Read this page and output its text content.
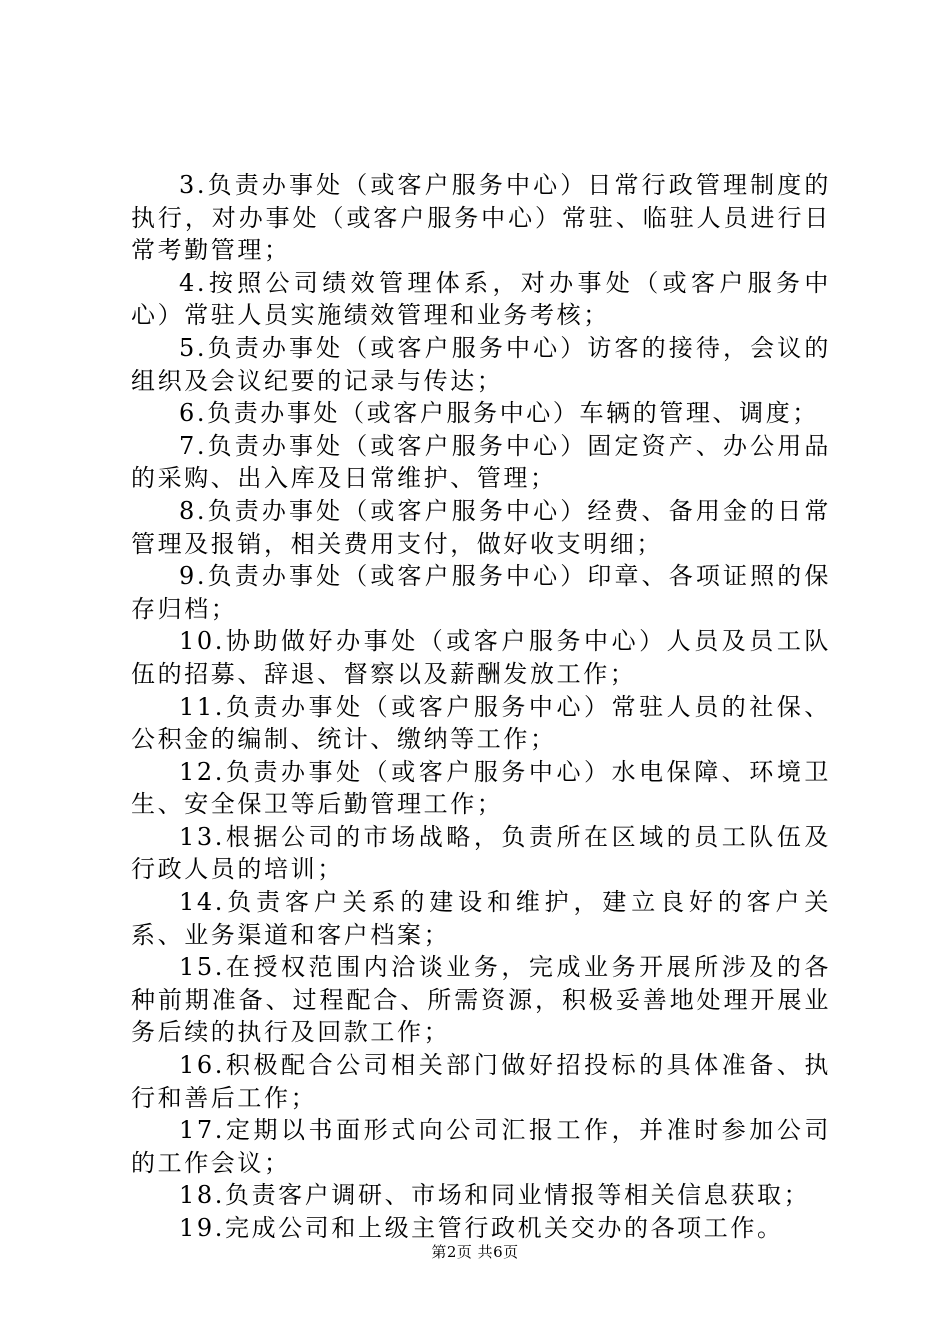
3.负责办事处（或客户服务中心）日常行政管理制度的执行，对办事处（或客户服务中心）常驻、临驻人员进行日常考勤管理；

4.按照公司绩效管理体系，对办事处（或客户服务中心）常驻人员实施绩效管理和业务考核；

5.负责办事处（或客户服务中心）访客的接待，会议的组织及会议纪要的记录与传达；

6.负责办事处（或客户服务中心）车辆的管理、调度；

7.负责办事处（或客户服务中心）固定资产、办公用品的采购、出入库及日常维护、管理；

8.负责办事处（或客户服务中心）经费、备用金的日常管理及报销，相关费用支付，做好收支明细；

9.负责办事处（或客户服务中心）印章、各项证照的保存归档；

10.协助做好办事处（或客户服务中心）人员及员工队伍的招募、辞退、督察以及薪酬发放工作；

11.负责办事处（或客户服务中心）常驻人员的社保、公积金的编制、统计、缴纳等工作；

12.负责办事处（或客户服务中心）水电保障、环境卫生、安全保卫等后勤管理工作；

13.根据公司的市场战略，负责所在区域的员工队伍及行政人员的培训；

14.负责客户关系的建设和维护，建立良好的客户关系、业务渠道和客户档案；

15.在授权范围内洽谈业务，完成业务开展所涉及的各种前期准备、过程配合、所需资源，积极妥善地处理开展业务后续的执行及回款工作；

16.积极配合公司相关部门做好招投标的具体准备、执行和善后工作；

17.定期以书面形式向公司汇报工作，并准时参加公司的工作会议；

18.负责客户调研、市场和同业情报等相关信息获取；

19.完成公司和上级主管行政机关交办的各项工作。

第2页 共6页
